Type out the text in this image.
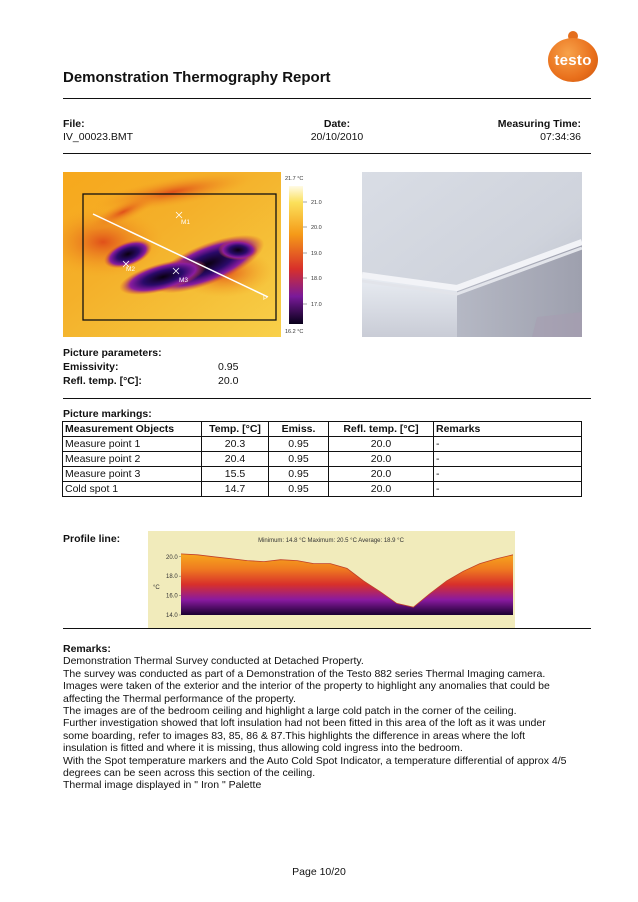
testo
Demonstration Thermography Report
File:
IV_00023.BMT
Date:
20/10/2010
Measuring Time:
07:34:36
M1
M2
M3
P
21.7 °C
21.0
20.0
19.0
18.0
17.0
16.2 °C
Picture parameters:
Emissivity:	0.95
Refl. temp. [°C]:	20.0
Picture markings:
Measurement Objects	Temp. [°C]	Emiss.	Refl. temp. [°C]	Remarks
Measure point 1	20.3	0.95	20.0	-
Measure point 2	20.4	0.95	20.0	-
Measure point 3	15.5	0.95	20.0	-
Cold spot 1	14.7	0.95	20.0	-
Profile line:	Minimum: 14.8 °C Maximum: 20.5 °C Average: 18.9 °C
°C
20.0
18.0
16.0
14.0
Remarks:
Demonstration Thermal Survey conducted at Detached Property.
The survey was conducted as part of a Demonstration of the Testo 882 series Thermal Imaging camera.
Images were taken of the exterior and the interior of the property to highlight any anomalies that could be
affecting the Thermal performance of the property.
The images are of the bedroom ceiling and highlight a large cold patch in the corner of the ceiling.
Further investigation showed that loft insulation had not been fitted in this area of the loft as it was under
some boarding, refer to images 83, 85, 86 & 87.This highlights the difference in areas where the loft
insulation is fitted and where it is missing, thus allowing cold ingress into the bedroom.
With the Spot temperature markers and the Auto Cold Spot Indicator, a temperature differential of approx 4/5
degrees can be seen across this section of the ceiling.
Thermal image displayed in " Iron " Palette
Page 10/20
